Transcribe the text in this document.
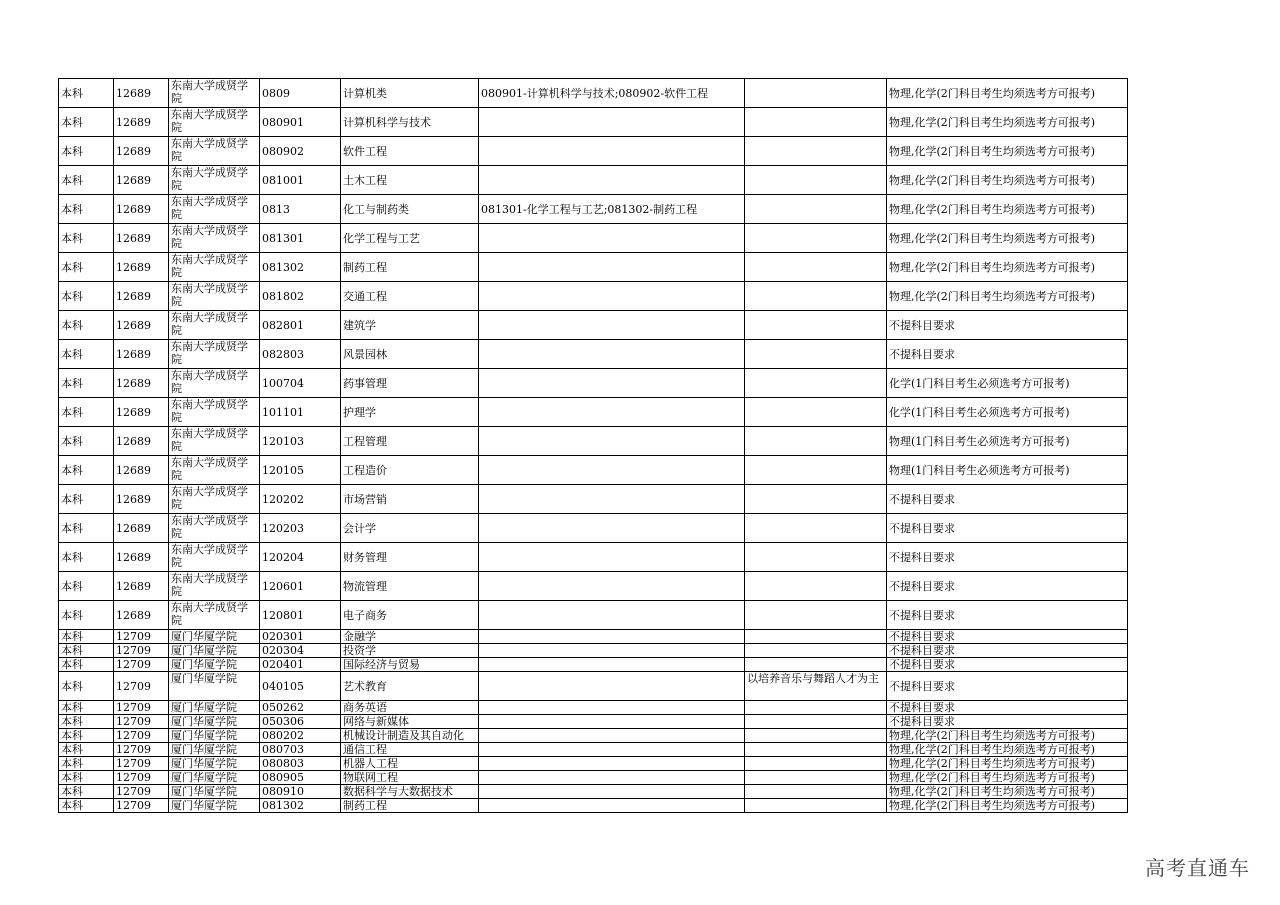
本科	12689	东南大学成贤学院	0809	计算机类	080901-计算机科学与技术;080902-软件工程		物理,化学(2门科目考生均须选考方可报考)
本科	12689	东南大学成贤学院	080901	计算机科学与技术			物理,化学(2门科目考生均须选考方可报考)
本科	12689	东南大学成贤学院	080902	软件工程			物理,化学(2门科目考生均须选考方可报考)
本科	12689	东南大学成贤学院	081001	土木工程			物理,化学(2门科目考生均须选考方可报考)
本科	12689	东南大学成贤学院	0813	化工与制药类	081301-化学工程与工艺;081302-制药工程		物理,化学(2门科目考生均须选考方可报考)
本科	12689	东南大学成贤学院	081301	化学工程与工艺			物理,化学(2门科目考生均须选考方可报考)
本科	12689	东南大学成贤学院	081302	制药工程			物理,化学(2门科目考生均须选考方可报考)
本科	12689	东南大学成贤学院	081802	交通工程			物理,化学(2门科目考生均须选考方可报考)
本科	12689	东南大学成贤学院	082801	建筑学			不提科目要求
本科	12689	东南大学成贤学院	082803	风景园林			不提科目要求
本科	12689	东南大学成贤学院	100704	药事管理			化学(1门科目考生必须选考方可报考)
本科	12689	东南大学成贤学院	101101	护理学			化学(1门科目考生必须选考方可报考)
本科	12689	东南大学成贤学院	120103	工程管理			物理(1门科目考生必须选考方可报考)
本科	12689	东南大学成贤学院	120105	工程造价			物理(1门科目考生必须选考方可报考)
本科	12689	东南大学成贤学院	120202	市场营销			不提科目要求
本科	12689	东南大学成贤学院	120203	会计学			不提科目要求
本科	12689	东南大学成贤学院	120204	财务管理			不提科目要求
本科	12689	东南大学成贤学院	120601	物流管理			不提科目要求
本科	12689	东南大学成贤学院	120801	电子商务			不提科目要求
本科	12709	厦门华厦学院	020301	金融学			不提科目要求
本科	12709	厦门华厦学院	020304	投资学			不提科目要求
本科	12709	厦门华厦学院	020401	国际经济与贸易			不提科目要求
本科	12709	厦门华厦学院	040105	艺术教育		以培养音乐与舞蹈人才为主	不提科目要求
本科	12709	厦门华厦学院	050262	商务英语			不提科目要求
本科	12709	厦门华厦学院	050306	网络与新媒体			不提科目要求
本科	12709	厦门华厦学院	080202	机械设计制造及其自动化			物理,化学(2门科目考生均须选考方可报考)
本科	12709	厦门华厦学院	080703	通信工程			物理,化学(2门科目考生均须选考方可报考)
本科	12709	厦门华厦学院	080803	机器人工程			物理,化学(2门科目考生均须选考方可报考)
本科	12709	厦门华厦学院	080905	物联网工程			物理,化学(2门科目考生均须选考方可报考)
本科	12709	厦门华厦学院	080910	数据科学与大数据技术			物理,化学(2门科目考生均须选考方可报考)
本科	12709	厦门华厦学院	081302	制药工程			物理,化学(2门科目考生均须选考方可报考)
高考直通车
